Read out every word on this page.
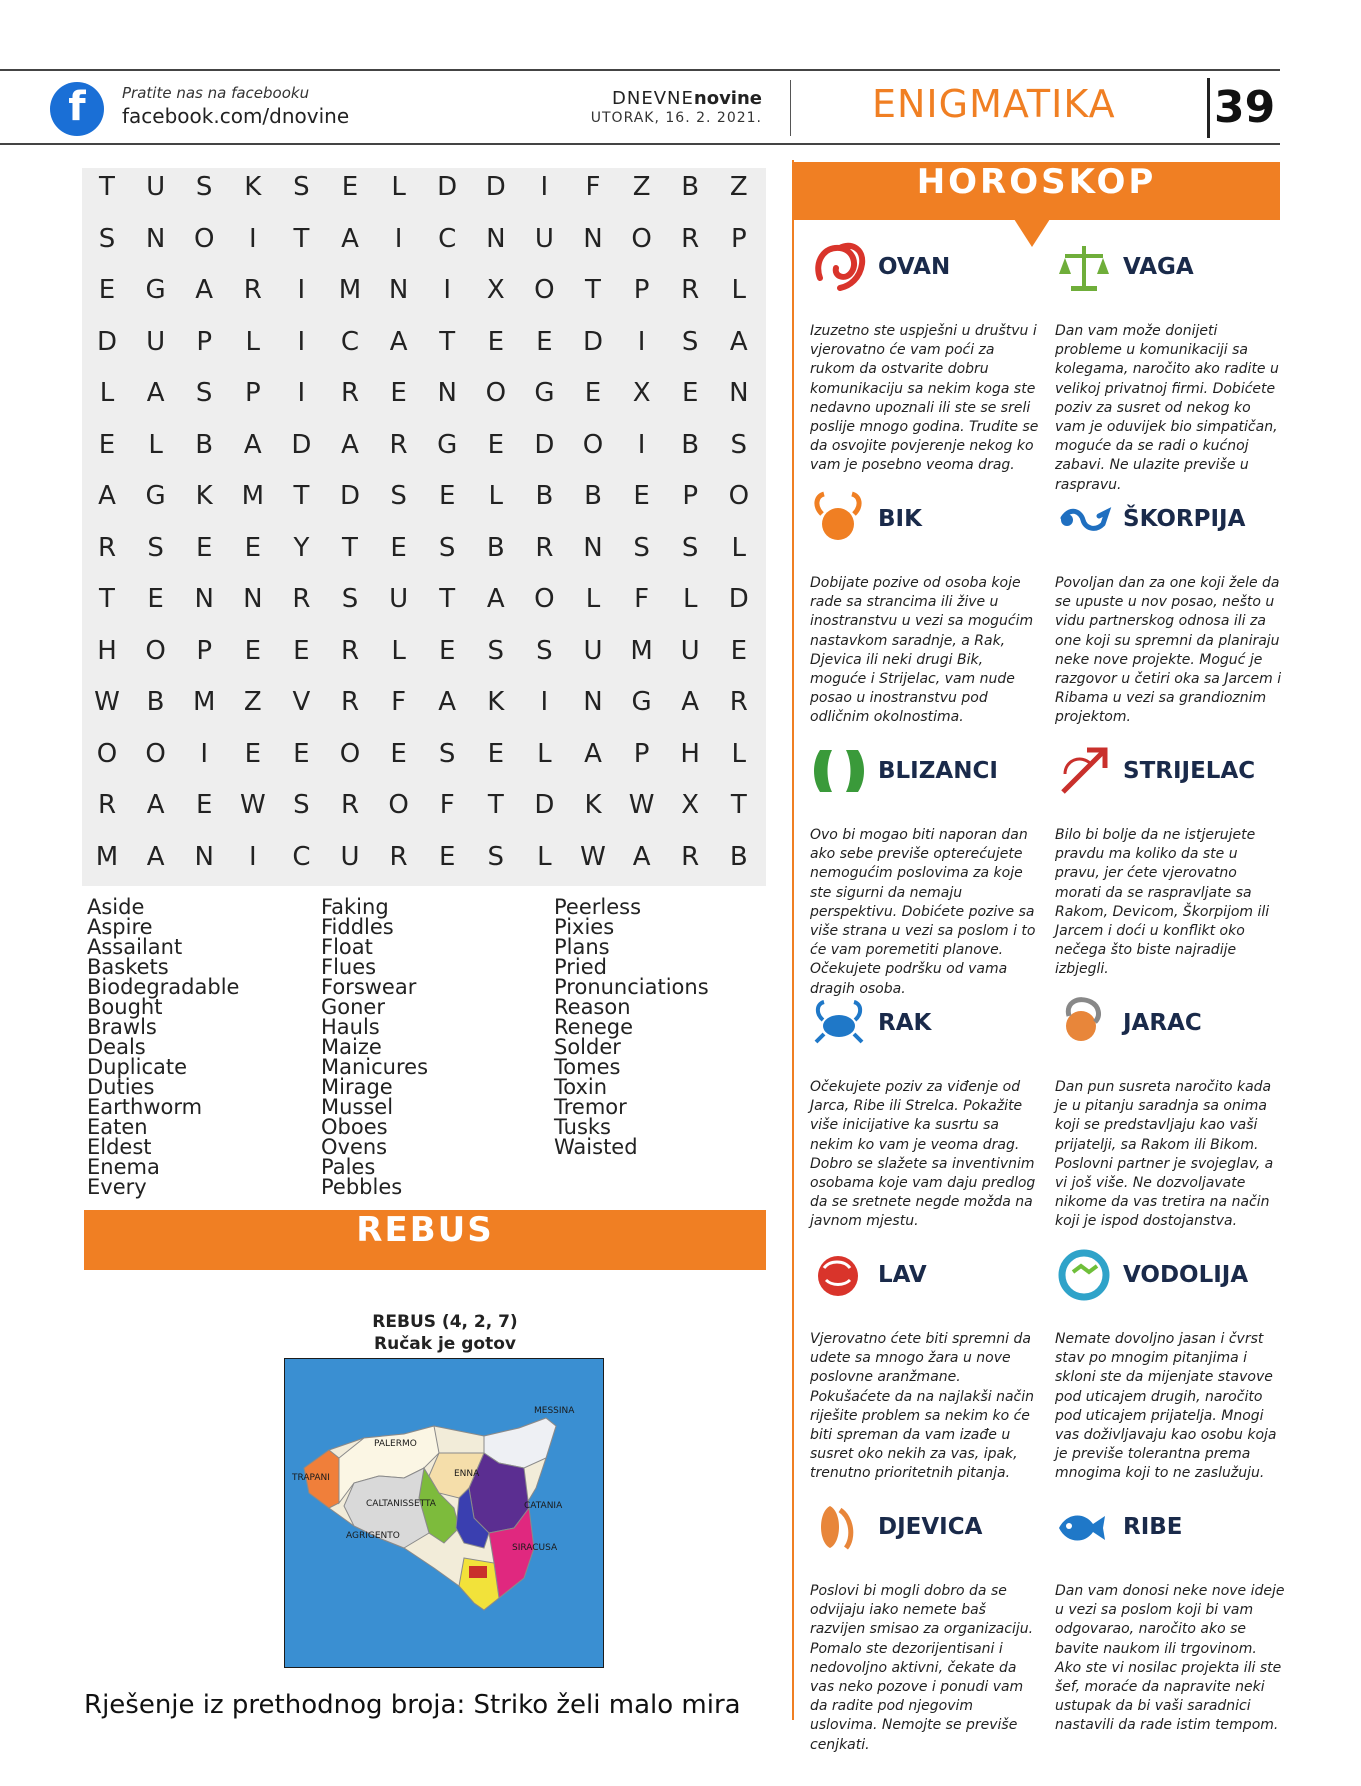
f	Pratite nas na facebooku
facebook.com/dnovine
DNEVNEnovine
UTORAK, 16. 2. 2021.	ENIGMATIKA 39
T	U	S	K	S	E	L	D	D	I	F	Z	B	Z
S	N	O	I	T	A	I	C	N	U	N	O	R	P
E	G	A	R	I	M	N	I	X	O	T	P	R	L
D	U	P	L	I	C	A	T	E	E	D	I	S	A
L	A	S	P	I	R	E	N	O	G	E	X	E	N
E	L	B	A	D	A	R	G	E	D	O	I	B	S
A	G	K	M	T	D	S	E	L	B	B	E	P	O
R	S	E	E	Y	T	E	S	B	R	N	S	S	L
T	E	N	N	R	S	U	T	A	O	L	F	L	D
H	O	P	E	E	R	L	E	S	S	U	M	U	E
W	B	M	Z	V	R	F	A	K	I	N	G	A	R
O	O	I	E	E	O	E	S	E	L	A	P	H	L
R	A	E	W	S	R	O	F	T	D	K	W	X	T
M	A	N	I	C	U	R	E	S	L	W	A	R	B
Aside
Aspire
Assailant
Baskets
Biodegradable
Bought
Brawls
Deals
Duplicate
Duties
Earthworm
Eaten
Eldest
Enema
Every
Faking
Fiddles
Float
Flues
Forswear
Goner
Hauls
Maize
Manicures
Mirage
Mussel
Oboes
Ovens
Pales
Pebbles
Peerless
Pixies
Plans
Pried
Pronunciations
Reason
Renege
Solder
Tomes
Toxin
Tremor
Tusks
Waisted
REBUS
REBUS (4, 2, 7)
Ručak je gotov
MESSINA
PALERMO
TRAPANI	ENNA
CALTANISSETTA	CATANIA
AGRIGENTO
SIRACUSA
Rješenje iz prethodnog broja: Striko želi malo mira
HOROSKOP
OVAN
Izuzetno ste uspješni u društvu i vjerovatno će vam poći za rukom da ostvarite dobru komunikaciju sa nekim koga ste nedavno upoznali ili ste se sreli poslije mnogo godina. Trudite se da osvojite povjerenje nekog ko vam je posebno veoma drag.
VAGA
Dan vam može donijeti probleme u komunikaciji sa kolegama, naročito ako radite u velikoj privatnoj firmi. Dobićete poziv za susret od nekog ko vam je oduvijek bio simpatičan, moguće da se radi o kućnoj zabavi. Ne ulazite previše u raspravu.
BIK
Dobijate pozive od osoba koje rade sa strancima ili žive u inostranstvu u vezi sa mogućim nastavkom saradnje, a Rak, Djevica ili neki drugi Bik, moguće i Strijelac, vam nude posao u inostranstvu pod odličnim okolnostima.
ŠKORPIJA
Povoljan dan za one koji žele da se upuste u nov posao, nešto u vidu partnerskog odnosa ili za one koji su spremni da planiraju neke nove projekte. Moguć je razgovor u četiri oka sa Jarcem i Ribama u vezi sa grandioznim projektom.
BLIZANCI
Ovo bi mogao biti naporan dan ako sebe previše opterećujete nemogućim poslovima za koje ste sigurni da nemaju perspektivu. Dobićete pozive sa više strana u vezi sa poslom i to će vam poremetiti planove. Očekujete podršku od vama dragih osoba.
STRIJELAC
Bilo bi bolje da ne istjerujete pravdu ma koliko da ste u pravu, jer ćete vjerovatno morati da se raspravljate sa Rakom, Devicom, Škorpijom ili Jarcem i doći u konflikt oko nečega što biste najradije izbjegli.
RAK
Očekujete poziv za viđenje od Jarca, Ribe ili Strelca. Pokažite više inicijative ka susrtu sa nekim ko vam je veoma drag. Dobro se slažete sa inventivnim osobama koje vam daju predlog da se sretnete negde možda na javnom mjestu.
JARAC
Dan pun susreta naročito kada je u pitanju saradnja sa onima koji se predstavljaju kao vaši prijatelji, sa Rakom ili Bikom. Poslovni partner je svojeglav, a vi još više. Ne dozvoljavate nikome da vas tretira na način koji je ispod dostojanstva.
LAV
Vjerovatno ćete biti spremni da udete sa mnogo žara u nove poslovne aranžmane. Pokušaćete da na najlakši način riješite problem sa nekim ko će biti spreman da vam izađe u susret oko nekih za vas, ipak, trenutno prioritetnih pitanja.
VODOLIJA
Nemate dovoljno jasan i čvrst stav po mnogim pitanjima i skloni ste da mijenjate stavove pod uticajem drugih, naročito pod uticajem prijatelja. Mnogi vas doživljavaju kao osobu koja je previše tolerantna prema mnogima koji to ne zaslužuju.
DJEVICA
Poslovi bi mogli dobro da se odvijaju iako nemete baš razvijen smisao za organizaciju. Pomalo ste dezorijentisani i nedovoljno aktivni, čekate da vas neko pozove i ponudi vam da radite pod njegovim uslovima. Nemojte se previše cenjkati.
RIBE
Dan vam donosi neke nove ideje u vezi sa poslom koji bi vam odgovarao, naročito ako se bavite naukom ili trgovinom. Ako ste vi nosilac projekta ili ste šef, morаće da napravite neki ustupak da bi vaši saradnici nastavili da rade istim tempom.
